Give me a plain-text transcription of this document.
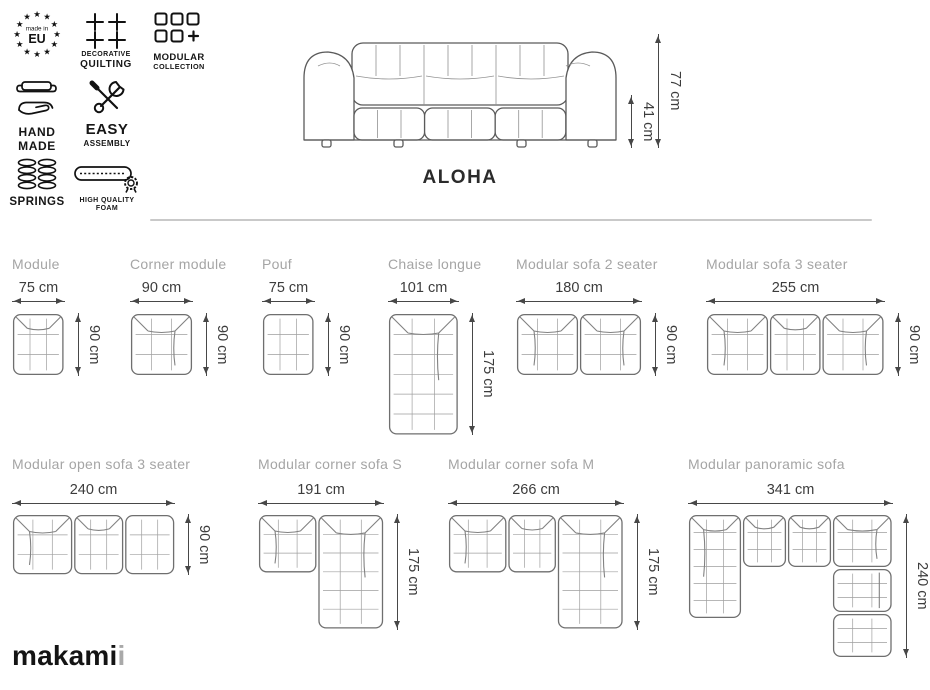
★ ★
★
★
★
★
★
★
★
★
★
★
made in
EU
DECORATIVE
QUILTING
MODULAR
COLLECTION
HAND
MADE
EASY
ASSEMBLY
SPRINGS HIGH QUALITY
FOAM
ALOHA
41 cm
77 cm
Module
75 cm
90 cm
Corner module
90 cm
90 cm
Pouf
75 cm
90 cm
Chaise longue
101 cm
175 cm
Modular sofa 2 seater
180 cm
90 cm
Modular sofa 3 seater
255 cm
90 cm
Modular open sofa 3 seater
240 cm
90 cm
Modular corner sofa S
191 cm
175 cm
Modular corner sofa M
266 cm
175 cm
Modular panoramic sofa
341 cm
240 cm
makamii
